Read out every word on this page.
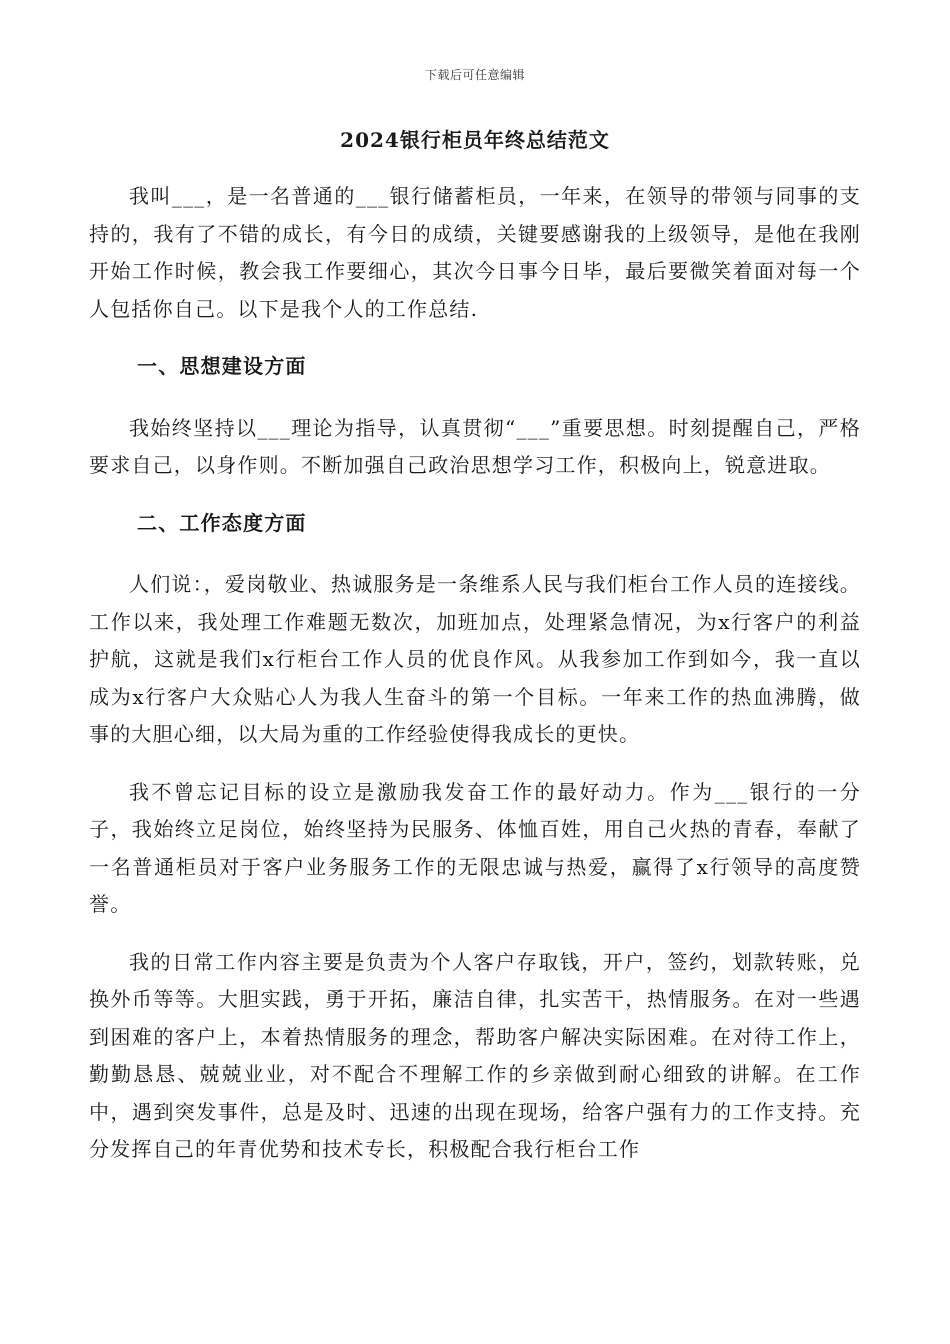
下载后可任意编辑
2024银行柜员年终总结范文

我叫___，是一名普通的___银行储蓄柜员，一年来，在领导的带领与同事的支持的，我有了不错的成长，有今日的成绩，关键要感谢我的上级领导，是他在我刚开始工作时候，教会我工作要细心，其次今日事今日毕，最后要微笑着面对每一个人包括你自己。以下是我个人的工作总结.

一、思想建设方面

我始终坚持以___理论为指导，认真贯彻“___”重要思想。时刻提醒自己，严格要求自己，以身作则。不断加强自己政治思想学习工作，积极向上，锐意进取。

二、工作态度方面

人们说：，爱岗敬业、热诚服务是一条维系人民与我们柜台工作人员的连接线。工作以来，我处理工作难题无数次，加班加点，处理紧急情况，为x行客户的利益护航，这就是我们x行柜台工作人员的优良作风。从我参加工作到如今，我一直以成为x行客户大众贴心人为我人生奋斗的第一个目标。一年来工作的热血沸腾，做事的大胆心细，以大局为重的工作经验使得我成长的更快。

我不曾忘记目标的设立是激励我发奋工作的最好动力。作为___银行的一分子，我始终立足岗位，始终坚持为民服务、体恤百姓，用自己火热的青春，奉献了一名普通柜员对于客户业务服务工作的无限忠诚与热爱，赢得了x行领导的高度赞誉。

我的日常工作内容主要是负责为个人客户存取钱，开户，签约，划款转账，兑换外币等等。大胆实践，勇于开拓，廉洁自律，扎实苦干，热情服务。在对一些遇到困难的客户上，本着热情服务的理念，帮助客户解决实际困难。在对待工作上，勤勤恳恳、兢兢业业，对不配合不理解工作的乡亲做到耐心细致的讲解。在工作中，遇到突发事件，总是及时、迅速的出现在现场，给客户强有力的工作支持。充分发挥自己的年青优势和技术专长，积极配合我行柜台工作
